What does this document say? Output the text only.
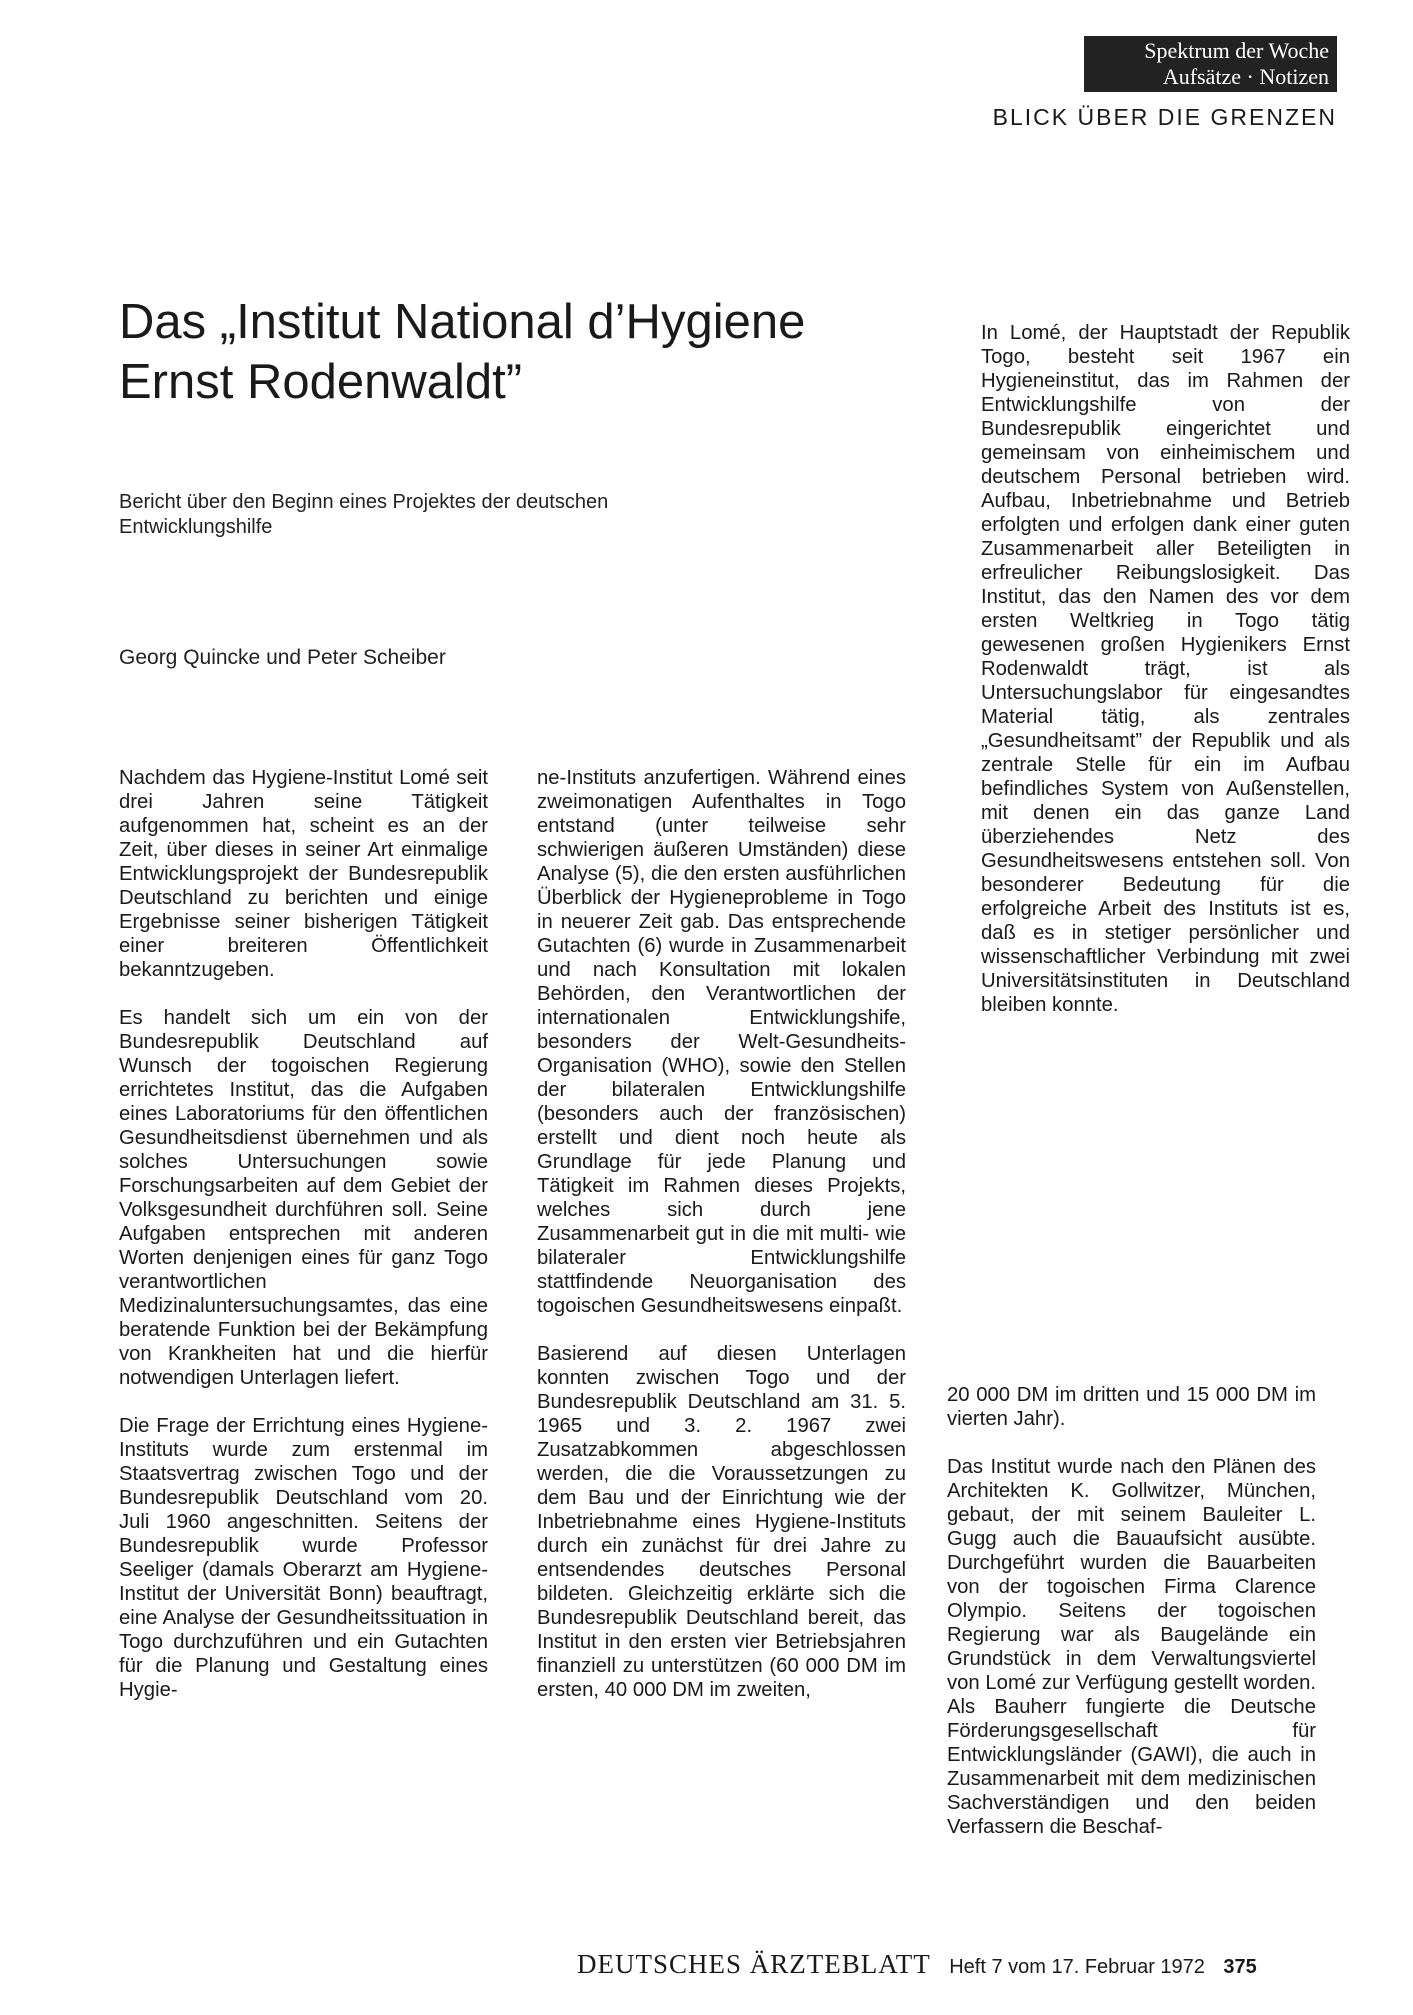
Spektrum der Woche
Aufsätze · Notizen
BLICK ÜBER DIE GRENZEN
Das „Institut National d’Hygiene Ernst Rodenwaldt”
Bericht über den Beginn eines Projektes der deutschen Entwicklungshilfe
Georg Quincke und Peter Scheiber

Nachdem das Hygiene-Institut Lomé seit drei Jahren seine Tätigkeit aufgenommen hat, scheint es an der Zeit, über dieses in seiner Art einmalige Entwicklungsprojekt der Bundesrepublik Deutschland zu berichten und einige Ergebnisse seiner bisherigen Tätigkeit einer breiteren Öffentlichkeit bekanntzugeben.

Es handelt sich um ein von der Bundesrepublik Deutschland auf Wunsch der togoischen Regierung errichtetes Institut, das die Aufgaben eines Laboratoriums für den öffentlichen Gesundheitsdienst übernehmen und als solches Untersuchungen sowie Forschungsarbeiten auf dem Gebiet der Volksgesundheit durchführen soll. Seine Aufgaben entsprechen mit anderen Worten denjenigen eines für ganz Togo verantwortlichen Medizinaluntersuchungsamtes, das eine beratende Funktion bei der Bekämpfung von Krankheiten hat und die hierfür notwendigen Unterlagen liefert.

Die Frage der Errichtung eines Hygiene-Instituts wurde zum erstenmal im Staatsvertrag zwischen Togo und der Bundesrepublik Deutschland vom 20. Juli 1960 angeschnitten. Seitens der Bundesrepublik wurde Professor Seeliger (damals Oberarzt am Hygiene-Institut der Universität Bonn) beauftragt, eine Analyse der Gesundheitssituation in Togo durchzuführen und ein Gutachten für die Planung und Gestaltung eines Hygie-

ne-Instituts anzufertigen. Während eines zweimonatigen Aufenthaltes in Togo entstand (unter teilweise sehr schwierigen äußeren Umständen) diese Analyse (5), die den ersten ausführlichen Überblick der Hygieneprobleme in Togo in neuerer Zeit gab. Das entsprechende Gutachten (6) wurde in Zusammenarbeit und nach Konsultation mit lokalen Behörden, den Verantwortlichen der internationalen Entwicklungshife, besonders der Welt-Gesundheits-Organisation (WHO), sowie den Stellen der bilateralen Entwicklungshilfe (besonders auch der französischen) erstellt und dient noch heute als Grundlage für jede Planung und Tätigkeit im Rahmen dieses Projekts, welches sich durch jene Zusammenarbeit gut in die mit multi- wie bilateraler Entwicklungshilfe stattfindende Neuorganisation des togoischen Gesundheitswesens einpaßt.

Basierend auf diesen Unterlagen konnten zwischen Togo und der Bundesrepublik Deutschland am 31. 5. 1965 und 3. 2. 1967 zwei Zusatzabkommen abgeschlossen werden, die die Voraussetzungen zu dem Bau und der Einrichtung wie der Inbetriebnahme eines Hygiene-Instituts durch ein zunächst für drei Jahre zu entsendendes deutsches Personal bildeten. Gleichzeitig erklärte sich die Bundesrepublik Deutschland bereit, das Institut in den ersten vier Betriebsjahren finanziell zu unterstützen (60 000 DM im ersten, 40 000 DM im zweiten,

In Lomé, der Hauptstadt der Republik Togo, besteht seit 1967 ein Hygieneinstitut, das im Rahmen der Entwicklungshilfe von der Bundesrepublik eingerichtet und gemeinsam von einheimischem und deutschem Personal betrieben wird. Aufbau, Inbetriebnahme und Betrieb erfolgten und erfolgen dank einer guten Zusammenarbeit aller Beteiligten in erfreulicher Reibungslosigkeit. Das Institut, das den Namen des vor dem ersten Weltkrieg in Togo tätig gewesenen großen Hygienikers Ernst Rodenwaldt trägt, ist als Untersuchungslabor für eingesandtes Material tätig, als zentrales „Gesundheitsamt” der Republik und als zentrale Stelle für ein im Aufbau befindliches System von Außenstellen, mit denen ein das ganze Land überziehendes Netz des Gesundheitswesens entstehen soll. Von besonderer Bedeutung für die erfolgreiche Arbeit des Instituts ist es, daß es in stetiger persönlicher und wissenschaftlicher Verbindung mit zwei Universitätsinstituten in Deutschland bleiben konnte.

20 000 DM im dritten und 15 000 DM im vierten Jahr).

Das Institut wurde nach den Plänen des Architekten K. Gollwitzer, München, gebaut, der mit seinem Bauleiter L. Gugg auch die Bauaufsicht ausübte. Durchgeführt wurden die Bauarbeiten von der togoischen Firma Clarence Olympio. Seitens der togoischen Regierung war als Baugelände ein Grundstück in dem Verwaltungsviertel von Lomé zur Verfügung gestellt worden. Als Bauherr fungierte die Deutsche Förderungsgesellschaft für Entwicklungsländer (GAWI), die auch in Zusammenarbeit mit dem medizinischen Sachverständigen und den beiden Verfassern die Beschaf-

DEUTSCHES ÄRZTEBLATT Heft 7 vom 17. Februar 1972 375
